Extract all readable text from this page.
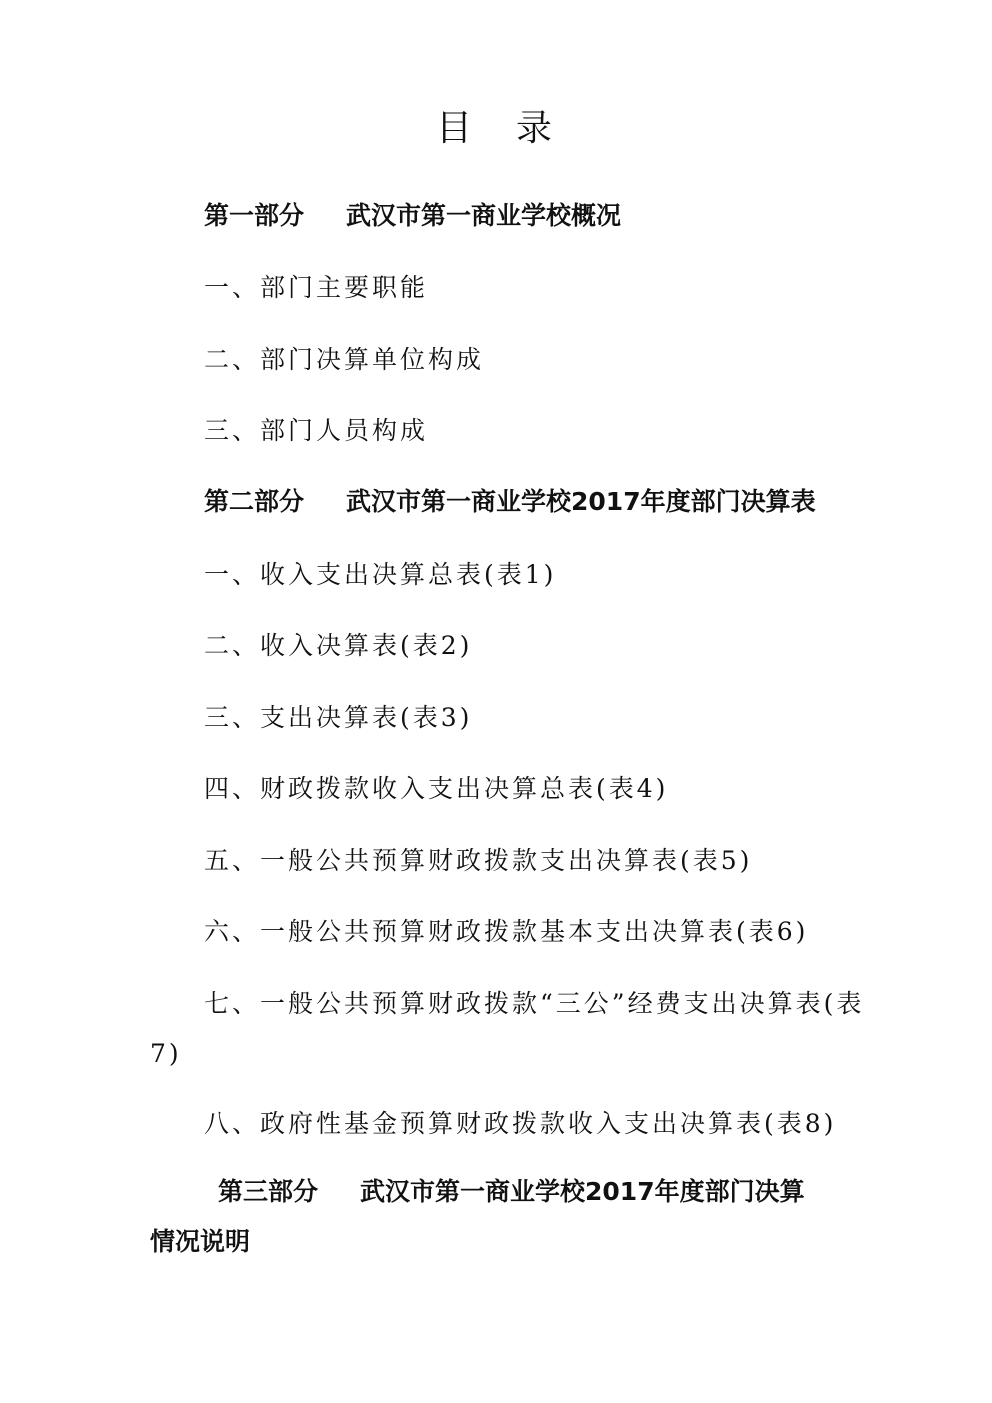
目　录
第一部分 武汉市第一商业学校概况
一、部门主要职能
二、部门决算单位构成
三、部门人员构成
第二部分 武汉市第一商业学校2017年度部门决算表
一、收入支出决算总表(表1)
二、收入决算表(表2)
三、支出决算表(表3)
四、财政拨款收入支出决算总表(表4)
五、一般公共预算财政拨款支出决算表(表5)
六、一般公共预算财政拨款基本支出决算表(表6)
七、一般公共预算财政拨款“三公”经费支出决算表(表
7)
八、政府性基金预算财政拨款收入支出决算表(表8)
第三部分 武汉市第一商业学校2017年度部门决算
情况说明
